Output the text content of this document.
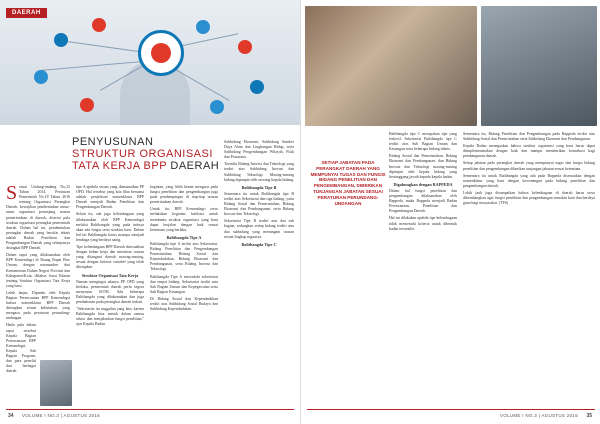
DAERAH
PENYUSUNAN
STRUKTUR ORGANISASI
TATA KERJA BPP DAERAH
S esuai Undang-undang No.23 Tahun 2014, Peraturan Pemerintah No.18 Tahun 2016 tentang Organisasi Perangkat Daerah, kewajiban pembentukan unsur-unsur organisasi penunjang urusan pemerintahan di daerah, disertai pula struktur organisasi perangkat pemerintah daerah. Dalam hal ini, pembentukan perangkat daerah yang bersifat teknis adalah Badan Penelitian dan Pengembangan Daerah yang selanjutnya disingkat BPP Daerah.

Dalam rapat yang dilaksanakan oleh BPP Kemendagri di Ruang Rapat Biro Umum, dengan narasumber dari Kementerian Dalam Negeri Provinsi dan Kabupaten/Kota, dibahas Surat Edaran tentang Struktur Organisasi Tata Kerja yang baru.

Lebih lanjut, Dipandu oleh Kepala Bagian Perencanaan BPP Kemendagri bahwa nomenklatur BPP Daerah ditetapkan sesuai kebutuhan, yang mengacu pada peraturan perundang-undangan.

Hadir pula dalam rapat tersebut Kepala Bagian Perencanaan BPP Kemendagri, Kepala Sub Bagian Program, dan para peneliti dari berbagai daerah.

tipe A apabila sesuai yang diamanatkan PP OPD. Hal tersebut yang kita lihat bersama adalah penjelasan nomenklatur BPP Daerah menjadi Badan Penelitian dan Pengembangan Daerah.

Selain itu, ada juga kelembagaan yang dilaksanakan oleh BPP Kemendagri melalui Balitbangda yang pada intinya akan ada fungsi serta struktur baru. Dalam hal ini Balitbangda harus mampu menjadi lembaga yang berdaya saing.

Tipe kelembagaan BPP Daerah disesuaikan dengan beban kerja dan intensitas urusan yang ditangani daerah masing-masing, sesuai dengan kriteria variabel yang telah ditetapkan.

Struktur Organisasi Tata Kerja

Namun mengingat adanya PP OPD yang berlaku, pemerintah daerah perlu segera menyusun SOTK. Ada beberapa Balitbangda yang dilaksanakan dan juga pembahasan pada perangkat daerah terkait.

"Sekretariat itu unggulan yang lain, karena Balitbangda bisa masuk dalam semua sektor dan menjalankan fungsi penelitian," ujar Kepala Badan.

kegiatan, yang lebih hemat mengacu pada fungsi penelitian dan pengembangan juga pada pendampingan di tiap-tiap urusan pemerintahan daerah.

Untuk itu, BPP Kemendagri terus melakukan kegiatan fasilitasi untuk membantu struktur organisasi yang baru dapat berjalan dengan baik sesuai ketentuan yang berlaku.

Balitbangda Tipe A

Balitbangda tipe A terdiri atas Sekretariat, Bidang Penelitian dan Pengembangan Pemerintahan, Bidang Sosial dan Kependudukan, Bidang Ekonomi dan Pembangunan, serta Bidang Inovasi dan Teknologi.

Balitbangda Tipe A mewadahi sekretariat dan empat bidang. Sekretariat terdiri atas Sub Bagian Umum dan Kepegawaian serta Sub Bagian Keuangan.

Di Bidang Sosial dan Kependudukan terdiri atas Subbidang Sosial Budaya dan Subbidang Kependudukan.

Subbidang Ekonomi, Subbidang Sumber Daya Alam dan Lingkungan Hidup, serta Subbidang Pengembangan Wilayah, Fisik dan Prasarana.

Tersedia Bidang Inovasi dan Teknologi yang terdiri atas Subbidang Inovasi dan Subbidang Teknologi. Masing-masing bidang dipimpin oleh seorang kepala bidang.

Balitbangda Tipe B

Sementara itu untuk Balitbangda tipe B terdiri atas Sekretariat dan tiga bidang, yaitu Bidang Sosial dan Pemerintahan, Bidang Ekonomi dan Pembangunan, serta Bidang Inovasi dan Teknologi.

Sekretariat Tipe B terdiri atas dua sub bagian, sedangkan setiap bidang terdiri atas dua subbidang yang menangani urusan sesuai lingkup tugasnya.

Balitbangda Tipe C
34 VOLUME I NO.3 | AGUSTUS 2016

Balitbangda tipe C merupakan tipe yang terkecil. Sekretariat Balitbangda tipe C terdiri atas Sub Bagian Umum dan Keuangan serta beberapa bidang teknis.

Bidang Sosial dan Pemerintahan, Bidang Ekonomi dan Pembangunan, dan Bidang Inovasi dan Teknologi masing-masing dipimpin oleh kepala bidang yang bertanggung jawab kepada kepala badan.

Digabungkan dengan BAPPEDA

Dalam hal fungsi penelitian dan pengembangan dilaksanakan oleh Bappeda, maka Bappeda menjadi Badan Perencanaan, Penelitian dan Pengembangan Daerah.

Hal ini dilakukan apabila tipe kelembagaan tidak memenuhi kriteria untuk dibentuk badan tersendiri.

Sementara itu, Bidang Penelitian dan Pengembangan pada Bappeda terdiri atas Subbidang Sosial dan Pemerintahan serta Subbidang Ekonomi dan Pembangunan.

Kepala Badan menegaskan bahwa struktur organisasi yang baru harus dapat diimplementasikan dengan baik dan mampu memberikan kontribusi bagi pembangunan daerah.

Setiap jabatan pada perangkat daerah yang mempunyai tugas dan fungsi bidang penelitian dan pengembangan diberikan tunjangan jabatan sesuai ketentuan.

Sementara itu untuk Balitbangda yang ada pada Bappeda disesuaikan dengan nomenklatur yang baru dengan kewenangan pada bidang penelitian dan pengembangan daerah.

Lebih jauh juga disampaikan bahwa kelembagaan di daerah harus terus dikembangkan agar fungsi penelitian dan pengembangan semakin kuat dan berdaya guna bagi masyarakat. (TPS)

VOLUME I NO.3 | AGUSTUS 2016 35
SETIAP JABATAN PADA PERANGKAT DAERAH YANG MEMPUNYAI TUGAS DAN FUNGSI BIDANG PENELITIAN DAN PENGEMBANGAN, DIBERIKAN TUNJANGAN JABATAN SESUAI PERATURAN PERUNDANG-UNDANGAN
